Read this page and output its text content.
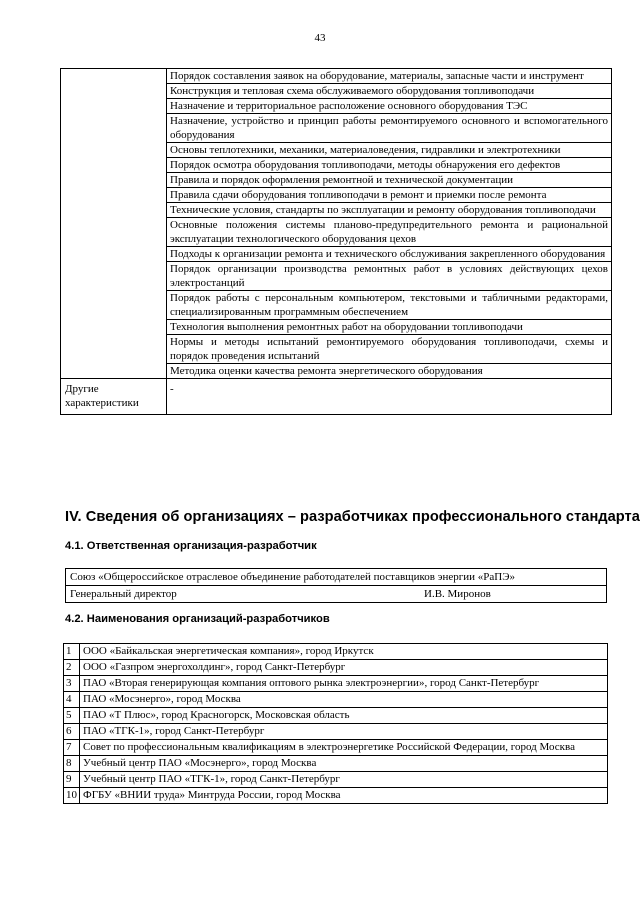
43
	Порядок составления заявок на оборудование, материалы, запасные части и инструмент
	Конструкция и тепловая схема обслуживаемого оборудования топливоподачи
	Назначение и территориальное расположение основного оборудования ТЭС
	Назначение, устройство и принцип работы ремонтируемого основного и вспомогательного оборудования
	Основы теплотехники, механики, материаловедения, гидравлики и электротехники
	Порядок осмотра оборудования топливоподачи, методы обнаружения его дефектов
	Правила и порядок оформления ремонтной и технической документации
	Правила сдачи оборудования топливоподачи в ремонт и приемки после ремонта
	Технические условия, стандарты по эксплуатации и ремонту оборудования топливоподачи
	Основные положения системы планово-предупредительного ремонта и рациональной эксплуатации технологического оборудования цехов
	Подходы к организации ремонта и технического обслуживания закрепленного оборудования
	Порядок организации производства ремонтных работ в условиях действующих цехов электростанций
	Порядок работы с персональным компьютером, текстовыми и табличными редакторами, специализированным программным обеспечением
	Технология выполнения ремонтных работ на оборудовании топливоподачи
	Нормы и методы испытаний ремонтируемого оборудования топливоподачи, схемы и порядок проведения испытаний
	Методика оценки качества ремонта энергетического оборудования
Другие характеристики	-
IV. Сведения об организациях – разработчиках профессионального стандарта
4.1. Ответственная организация-разработчик
Союз «Общероссийское отраслевое объединение работодателей поставщиков энергии «РаПЭ»
Генеральный директор	И.В. Миронов
4.2. Наименования организаций-разработчиков
1	ООО «Байкальская энергетическая компания», город Иркутск
2	ООО «Газпром энергохолдинг», город Санкт-Петербург
3	ПАО «Вторая генерирующая компания оптового рынка электроэнергии», город Санкт-Петербург
4	ПАО «Мосэнерго», город Москва
5	ПАО «Т Плюс», город Красногорск, Московская область
6	ПАО «ТГК-1», город Санкт-Петербург
7	Совет по профессиональным квалификациям в электроэнергетике Российской Федерации, город Москва
8	Учебный центр ПАО «Мосэнерго», город Москва
9	Учебный центр ПАО «ТГК-1», город Санкт-Петербург
10	ФГБУ «ВНИИ труда» Минтруда России, город Москва
